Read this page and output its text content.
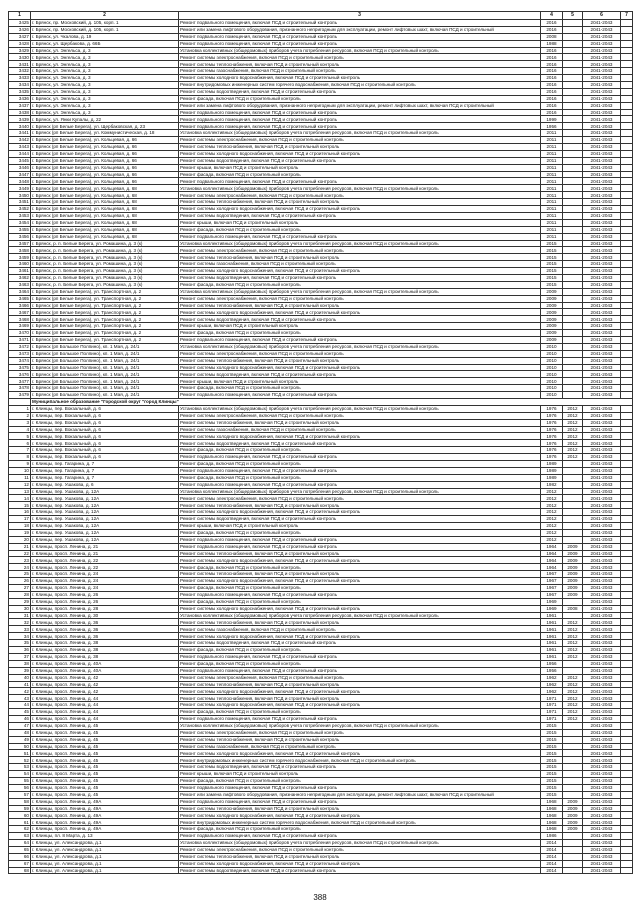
1	2	3	4	5	6	7
3425	г. Брянск, пр. Московский, д. 105, корп. 1	Ремонт подвального помещения, включая ПСД и строительный контроль	2016		2041-2043	
3426	г. Брянск, пр. Московский, д. 105, корп. 1	Ремонт или замена лифтового оборудования, признанного непригодным для эксплуатации, ремонт лифтовых шахт, включая ПСД и строительный	2016		2041-2043	
3427	г. Брянск, ул. Чкалова, д. 19	Ремонт подвального помещения, включая ПСД и строительный контроль	2008		2041-2043	
3428	г. Брянск, ул. Щербакова, д. 66Б	Ремонт подвального помещения, включая ПСД и строительный контроль	1988		2041-2043	
3429	г. Брянск, ул. Энгельса, д. 3	Установка коллективных (общедомовых) приборов учета потребления ресурсов, включая ПСД и строительный контроль	2016		2041-2043	
3430	г. Брянск, ул. Энгельса, д. 3	Ремонт системы электроснабжения, включая ПСД и строительный контроль	2016		2041-2043	
3431	г. Брянск, ул. Энгельса, д. 3	Ремонт системы теплоснабжения, включая ПСД и строительный контроль	2016		2041-2043	
3432	г. Брянск, ул. Энгельса, д. 3	Ремонт системы газоснабжения, включая ПСД и строительный контроль	2016		2041-2043	
3433	г. Брянск, ул. Энгельса, д. 3	Ремонт системы холодного водоснабжения, включая ПСД и строительный контроль	2016		2041-2043	
3434	г. Брянск, ул. Энгельса, д. 3	Ремонт внутридомовых инженерных систем горячего водоснабжения, включая ПСД и строительный контроль	2016		2041-2043	
3435	г. Брянск, ул. Энгельса, д. 3	Ремонт системы водоотведения, включая ПСД и строительный контроль	2016		2041-2043	
3436	г. Брянск, ул. Энгельса, д. 3	Ремонт фасада, включая ПСД и строительный контроль	2016		2041-2043	
3437	г. Брянск, ул. Энгельса, д. 3	Ремонт или замена лифтового оборудования, признанного непригодным для эксплуатации, ремонт лифтовых шахт, включая ПСД и строительный	2016		2041-2043	
3438	г. Брянск, ул. Энгельса, д. 3	Ремонт подвального помещения, включая ПСД и строительный контроль	2016		2041-2043	
3439	г. Брянск, ул. Янки Купалы, д. 22	Ремонт подвального помещения, включая ПСД и строительный контроль	1999		2041-2043	
3440	г. Брянск (рп Белые Берега), ул. Щербаковская, д. 23	Ремонт подвального помещения, включая ПСД и строительный контроль	1956		2041-2043	
3441	г. Брянск (рп Белые Берега), ул. Коммунистическая, д. 18	Установка коллективных (общедомовых) приборов учета потребления ресурсов, включая ПСД и строительный контроль	2011		2041-2043	
3442	г. Брянск (рп Белые Берега), ул. Кольцевая, д. 66	Ремонт системы электроснабжения, включая ПСД и строительный контроль	2011		2041-2043	
3443	г. Брянск (рп Белые Берега), ул. Кольцевая, д. 66	Ремонт системы теплоснабжения, включая ПСД и строительный контроль	2011		2041-2043	
3444	г. Брянск (рп Белые Берега), ул. Кольцевая, д. 66	Ремонт системы холодного водоснабжения, включая ПСД и строительный контроль	2011		2041-2043	
3445	г. Брянск (рп Белые Берега), ул. Кольцевая, д. 66	Ремонт системы водоотведения, включая ПСД и строительный контроль	2011		2041-2043	
3446	г. Брянск (рп Белые Берега), ул. Кольцевая, д. 66	Ремонт крыши, включая ПСД и строительный контроль	2011		2041-2043	
3447	г. Брянск (рп Белые Берега), ул. Кольцевая, д. 66	Ремонт фасада, включая ПСД и строительный контроль	2011		2041-2043	
3448	г. Брянск (рп Белые Берега), ул. Кольцевая, д. 66	Ремонт подвального помещения, включая ПСД и строительный контроль	2011		2041-2043	
3449	г. Брянск (рп Белые Берега), ул. Кольцевая, д. 68	Установка коллективных (общедомовых) приборов учета потребления ресурсов, включая ПСД и строительный контроль	2011		2041-2043	
3450	г. Брянск (рп Белые Берега), ул. Кольцевая, д. 68	Ремонт системы электроснабжения, включая ПСД и строительный контроль	2011		2041-2043	
3451	г. Брянск (рп Белые Берега), ул. Кольцевая, д. 68	Ремонт системы теплоснабжения, включая ПСД и строительный контроль	2011		2041-2043	
3452	г. Брянск (рп Белые Берега), ул. Кольцевая, д. 68	Ремонт системы холодного водоснабжения, включая ПСД и строительный контроль	2011		2041-2043	
3453	г. Брянск (рп Белые Берега), ул. Кольцевая, д. 68	Ремонт системы водоотведения, включая ПСД и строительный контроль	2011		2041-2043	
3454	г. Брянск (рп Белые Берега), ул. Кольцевая, д. 68	Ремонт крыши, включая ПСД и строительный контроль	2011		2041-2043	
3455	г. Брянск (рп Белые Берега), ул. Кольцевая, д. 68	Ремонт фасада, включая ПСД и строительный контроль	2011		2041-2043	
3456	г. Брянск (рп Белые Берега), ул. Кольцевая, д. 68	Ремонт подвального помещения, включая ПСД и строительный контроль	2011		2041-2043	
3457	г. Брянск, р. п. Белые Берега, ул. Ромашина, д. 3 (к)	Установка коллективных (общедомовых) приборов учета потребления ресурсов, включая ПСД и строительный контроль	2015		2041-2043	
3458	г. Брянск, р. п. Белые Берега, ул. Ромашина, д. 3 (к)	Ремонт системы электроснабжения, включая ПСД и строительный контроль	2015		2041-2043	
3459	г. Брянск, р. п. Белые Берега, ул. Ромашина, д. 3 (к)	Ремонт системы теплоснабжения, включая ПСД и строительный контроль	2015		2041-2043	
3460	г. Брянск, р. п. Белые Берега, ул. Ромашина, д. 3 (к)	Ремонт системы газоснабжения, включая ПСД и строительный контроль	2015		2041-2043	
3461	г. Брянск, р. п. Белые Берега, ул. Ромашина, д. 3 (к)	Ремонт системы холодного водоснабжения, включая ПСД и строительный контроль	2015		2041-2043	
3462	г. Брянск, р. п. Белые Берега, ул. Ромашина, д. 3 (к)	Ремонт системы водоотведения, включая ПСД и строительный контроль	2015		2041-2043	
3463	г. Брянск, р. п. Белые Берега, ул. Ромашина, д. 3 (к)	Ремонт фасада, включая ПСД и строительный контроль	2015		2041-2043	
3464	г. Брянск (рп Белые Берега), ул. Транспортная, д. 2	Установка коллективных (общедомовых) приборов учета потребления ресурсов, включая ПСД и строительный контроль	2009		2041-2043	
3465	г. Брянск (рп Белые Берега), ул. Транспортная, д. 2	Ремонт системы электроснабжения, включая ПСД и строительный контроль	2009		2041-2043	
3466	г. Брянск (рп Белые Берега), ул. Транспортная, д. 2	Ремонт системы теплоснабжения, включая ПСД и строительный контроль	2009		2041-2043	
3467	г. Брянск (рп Белые Берега), ул. Транспортная, д. 2	Ремонт системы холодного водоснабжения, включая ПСД и строительный контроль	2009		2041-2043	
3468	г. Брянск (рп Белые Берега), ул. Транспортная, д. 2	Ремонт системы водоотведения, включая ПСД и строительный контроль	2009		2041-2043	
3469	г. Брянск (рп Белые Берега), ул. Транспортная, д. 2	Ремонт крыши, включая ПСД и строительный контроль	2009		2041-2043	
3470	г. Брянск (рп Белые Берега), ул. Транспортная, д. 2	Ремонт фасада, включая ПСД и строительный контроль	2009		2041-2043	
3471	г. Брянск (рп Белые Берега), ул. Транспортная, д. 2	Ремонт подвального помещения, включая ПСД и строительный контроль	2009		2041-2043	
3472	г. Брянск (рп Большое Полпино), кп. 1 Мая, д. 24/1	Установка коллективных (общедомовых) приборов учета потребления ресурсов, включая ПСД и строительный контроль	2010		2041-2043	
3473	г. Брянск (рп Большое Полпино), кп. 1 Мая, д. 24/1	Ремонт системы электроснабжения, включая ПСД и строительный контроль	2010		2041-2043	
3474	г. Брянск (рп Большое Полпино), кп. 1 Мая, д. 24/1	Ремонт системы теплоснабжения, включая ПСД и строительный контроль	2010		2041-2043	
3475	г. Брянск (рп Большое Полпино), кп. 1 Мая, д. 24/1	Ремонт системы холодного водоснабжения, включая ПСД и строительный контроль	2010		2041-2043	
3476	г. Брянск (рп Большое Полпино), кп. 1 Мая, д. 24/1	Ремонт системы водоотведения, включая ПСД и строительный контроль	2010		2041-2043	
3477	г. Брянск (рп Большое Полпино), кп. 1 Мая, д. 24/1	Ремонт крыши, включая ПСД и строительный контроль	2010		2041-2043	
3478	г. Брянск (рп Большое Полпино), кп. 1 Мая, д. 24/1	Ремонт фасада, включая ПСД и строительный контроль	2010		2041-2043	
3479	г. Брянск (рп Большое Полпино), кп. 1 Мая, д. 24/1	Ремонт подвального помещения, включая ПСД и строительный контроль	2010		2041-2043	
	Муниципальное образование "Городской округ "город Клинцы"					
1	г. Клинцы, пер. Вокзальный, д. 6	Установка коллективных (общедомовых) приборов учета потребления ресурсов, включая ПСД и строительный контроль	1976	2012	2041-2043	
2	г. Клинцы, пер. Вокзальный, д. 6	Ремонт системы электроснабжения, включая ПСД и строительный контроль	1976	2012	2041-2043	
3	г. Клинцы, пер. Вокзальный, д. 6	Ремонт системы теплоснабжения, включая ПСД и строительный контроль	1976	2012	2041-2043	
4	г. Клинцы, пер. Вокзальный, д. 6	Ремонт системы газоснабжения, включая ПСД и строительный контроль	1976	2012	2041-2043	
5	г. Клинцы, пер. Вокзальный, д. 6	Ремонт системы холодного водоснабжения, включая ПСД и строительный контроль	1976	2012	2041-2043	
6	г. Клинцы, пер. Вокзальный, д. 6	Ремонт системы водоотведения, включая ПСД и строительный контроль	1976	2012	2041-2043	
7	г. Клинцы, пер. Вокзальный, д. 6	Ремонт фасада, включая ПСД и строительный контроль	1976	2012	2041-2043	
8	г. Клинцы, пер. Вокзальный, д. 6	Ремонт подвального помещения, включая ПСД и строительный контроль	1976	2012	2041-2043	
9	г. Клинцы, пер. Гагарина, д. 7	Ремонт фасада, включая ПСД и строительный контроль	1989		2041-2043	
10	г. Клинцы, пер. Гагарина, д. 7	Ремонт подвального помещения, включая ПСД и строительный контроль	1989		2041-2043	
11	г. Клинцы, пер. Гагарина, д. 7	Ремонт фасада, включая ПСД и строительный контроль	1989		2041-2043	
12	г. Клинцы, пер. Ушакова, д. 6	Ремонт подвального помещения, включая ПСД и строительный контроль	1982		2041-2043	
13	г. Клинцы, пер. Ушакова, д. 12А	Установка коллективных (общедомовых) приборов учета потребления ресурсов, включая ПСД и строительный контроль	2012		2041-2043	
14	г. Клинцы, пер. Ушакова, д. 12А	Ремонт системы электроснабжения, включая ПСД и строительный контроль	2012		2041-2043	
15	г. Клинцы, пер. Ушакова, д. 12А	Ремонт системы теплоснабжения, включая ПСД и строительный контроль	2012		2041-2043	
16	г. Клинцы, пер. Ушакова, д. 12А	Ремонт системы холодного водоснабжения, включая ПСД и строительный контроль	2012		2041-2043	
17	г. Клинцы, пер. Ушакова, д. 12А	Ремонт системы водоотведения, включая ПСД и строительный контроль	2012		2041-2043	
18	г. Клинцы, пер. Ушакова, д. 12А	Ремонт крыши, включая ПСД и строительный контроль	2012		2041-2043	
19	г. Клинцы, пер. Ушакова, д. 12А	Ремонт фасада, включая ПСД и строительный контроль	2012		2041-2043	
20	г. Клинцы, пер. Ушакова, д. 12А	Ремонт подвального помещения, включая ПСД и строительный контроль	2012		2041-2043	
21	г. Клинцы, просп. Ленина, д. 21	Ремонт подвального помещения, включая ПСД и строительный контроль	1964	2009	2041-2043	
22	г. Клинцы, просп. Ленина, д. 21	Ремонт системы теплоснабжения, включая ПСД и строительный контроль	1964	2009	2041-2043	
23	г. Клинцы, просп. Ленина, д. 22	Ремонт системы холодного водоснабжения, включая ПСД и строительный контроль	1964	2009	2041-2043	
24	г. Клинцы, просп. Ленина, д. 22	Ремонт фасада, включая ПСД и строительный контроль	1964	2009	2041-2043	
25	г. Клинцы, просп. Ленина, д. 24	Ремонт системы теплоснабжения, включая ПСД и строительный контроль	1967	2009	2041-2043	
26	г. Клинцы, просп. Ленина, д. 24	Ремонт системы холодного водоснабжения, включая ПСД и строительный контроль	1967	2009	2041-2043	
27	г. Клинцы, просп. Ленина, д. 24	Ремонт фасада, включая ПСД и строительный контроль	1967	2009	2041-2043	
28	г. Клинцы, просп. Ленина, д. 26	Ремонт подвального помещения, включая ПСД и строительный контроль	1967	2009	2041-2043	
29	г. Клинцы, просп. Ленина, д. 26	Ремонт фасада, включая ПСД и строительный контроль	1969		2041-2043	
30	г. Клинцы, просп. Ленина, д. 28	Ремонт системы холодного водоснабжения, включая ПСД и строительный контроль	1969	2008	2041-2043	
31	г. Клинцы, просп. Ленина, д. 30	Установка коллективных (общедомовых) приборов учета потребления ресурсов, включая ПСД и строительный контроль	1961		2041-2043	
32	г. Клинцы, просп. Ленина, д. 36	Ремонт системы теплоснабжения, включая ПСД и строительный контроль	1961	2012	2041-2043	
33	г. Клинцы, просп. Ленина, д. 36	Ремонт системы газоснабжения, включая ПСД и строительный контроль	1961	2012	2041-2043	
34	г. Клинцы, просп. Ленина, д. 36	Ремонт системы холодного водоснабжения, включая ПСД и строительный контроль	1961	2012	2041-2043	
35	г. Клинцы, просп. Ленина, д. 38	Ремонт системы водоотведения, включая ПСД и строительный контроль	1961	2012	2041-2043	
36	г. Клинцы, просп. Ленина, д. 38	Ремонт фасада, включая ПСД и строительный контроль	1961	2012	2041-2043	
37	г. Клинцы, просп. Ленина, д. 38	Ремонт подвального помещения, включая ПСД и строительный контроль	1961	2012	2041-2043	
38	г. Клинцы, просп. Ленина, д. 40А	Ремонт фасада, включая ПСД и строительный контроль	1956		2041-2043	
39	г. Клинцы, просп. Ленина, д. 40А	Ремонт подвального помещения, включая ПСД и строительный контроль	1956		2041-2043	
40	г. Клинцы, просп. Ленина, д. 42	Ремонт системы электроснабжения, включая ПСД и строительный контроль	1962	2012	2041-2043	
41	г. Клинцы, просп. Ленина, д. 42	Ремонт системы теплоснабжения, включая ПСД и строительный контроль	1962	2012	2041-2043	
42	г. Клинцы, просп. Ленина, д. 42	Ремонт системы холодного водоснабжения, включая ПСД и строительный контроль	1962	2012	2041-2043	
43	г. Клинцы, просп. Ленина, д. 44	Ремонт системы теплоснабжения, включая ПСД и строительный контроль	1971	2012	2041-2043	
44	г. Клинцы, просп. Ленина, д. 44	Ремонт системы холодного водоснабжения, включая ПСД и строительный контроль	1971	2012	2041-2043	
45	г. Клинцы, просп. Ленина, д. 44	Ремонт фасада, включая ПСД и строительный контроль	1971	2012	2041-2043	
46	г. Клинцы, просп. Ленина, д. 44	Ремонт подвального помещения, включая ПСД и строительный контроль	1971	2012	2041-2043	
47	г. Клинцы, просп. Ленина, д. 45	Установка коллективных (общедомовых) приборов учета потребления ресурсов, включая ПСД и строительный контроль	2015		2041-2043	
48	г. Клинцы, просп. Ленина, д. 45	Ремонт системы электроснабжения, включая ПСД и строительный контроль	2015		2041-2043	
49	г. Клинцы, просп. Ленина, д. 45	Ремонт системы теплоснабжения, включая ПСД и строительный контроль	2015		2041-2043	
50	г. Клинцы, просп. Ленина, д. 45	Ремонт системы газоснабжения, включая ПСД и строительный контроль	2015		2041-2043	
51	г. Клинцы, просп. Ленина, д. 45	Ремонт системы холодного водоснабжения, включая ПСД и строительный контроль	2015		2041-2043	
52	г. Клинцы, просп. Ленина, д. 45	Ремонт внутридомовых инженерных систем горячего водоснабжения, включая ПСД и строительный контроль	2015		2041-2043	
53	г. Клинцы, просп. Ленина, д. 45	Ремонт системы водоотведения, включая ПСД и строительный контроль	2015		2041-2043	
54	г. Клинцы, просп. Ленина, д. 45	Ремонт крыши, включая ПСД и строительный контроль	2015		2041-2043	
55	г. Клинцы, просп. Ленина, д. 45	Ремонт фасада, включая ПСД и строительный контроль	2015		2041-2043	
56	г. Клинцы, просп. Ленина, д. 45	Ремонт подвального помещения, включая ПСД и строительный контроль	2015		2041-2043	
57	г. Клинцы, просп. Ленина, д. 45	Ремонт или замена лифтового оборудования, признанного непригодным для эксплуатации, ремонт лифтовых шахт, включая ПСД и строительный	2015		2041-2043	
58	г. Клинцы, просп. Ленина, д. 49А	Ремонт подвального помещения, включая ПСД и строительный контроль	1968	2009	2041-2043	
59	г. Клинцы, просп. Ленина, д. 49А	Ремонт системы теплоснабжения, включая ПСД и строительный контроль	1968	2009	2041-2043	
60	г. Клинцы, просп. Ленина, д. 49А	Ремонт системы холодного водоснабжения, включая ПСД и строительный контроль	1968	2009	2041-2043	
61	г. Клинцы, просп. Ленина, д. 49А	Ремонт внутридомовых инженерных систем горячего водоснабжения, включая ПСД и строительный контроль	1968	2009	2041-2043	
62	г. Клинцы, просп. Ленина, д. 49А	Ремонт фасада, включая ПСД и строительный контроль	1968	2009	2041-2043	
63	г. Клинцы, пл. 8 Марта, д. 13	Ремонт подвального помещения, включая ПСД и строительный контроль	1986		2041-2043	
64	г. Клинцы, ул. Александрова, д.1	Установка коллективных (общедомовых) приборов учета потребления ресурсов, включая ПСД и строительный контроль	2014		2041-2043	
65	г. Клинцы, ул. Александрова, д.1	Ремонт системы электроснабжения, включая ПСД и строительный контроль	2014		2041-2043	
66	г. Клинцы, ул. Александрова, д.1	Ремонт системы теплоснабжения, включая ПСД и строительный контроль	2014		2041-2043	
67	г. Клинцы, ул. Александрова, д.1	Ремонт системы холодного водоснабжения, включая ПСД и строительный контроль	2014		2041-2043	
68	г. Клинцы, ул. Александрова, д.1	Ремонт системы водоотведения, включая ПСД и строительный контроль	2014		2041-2043	
388
